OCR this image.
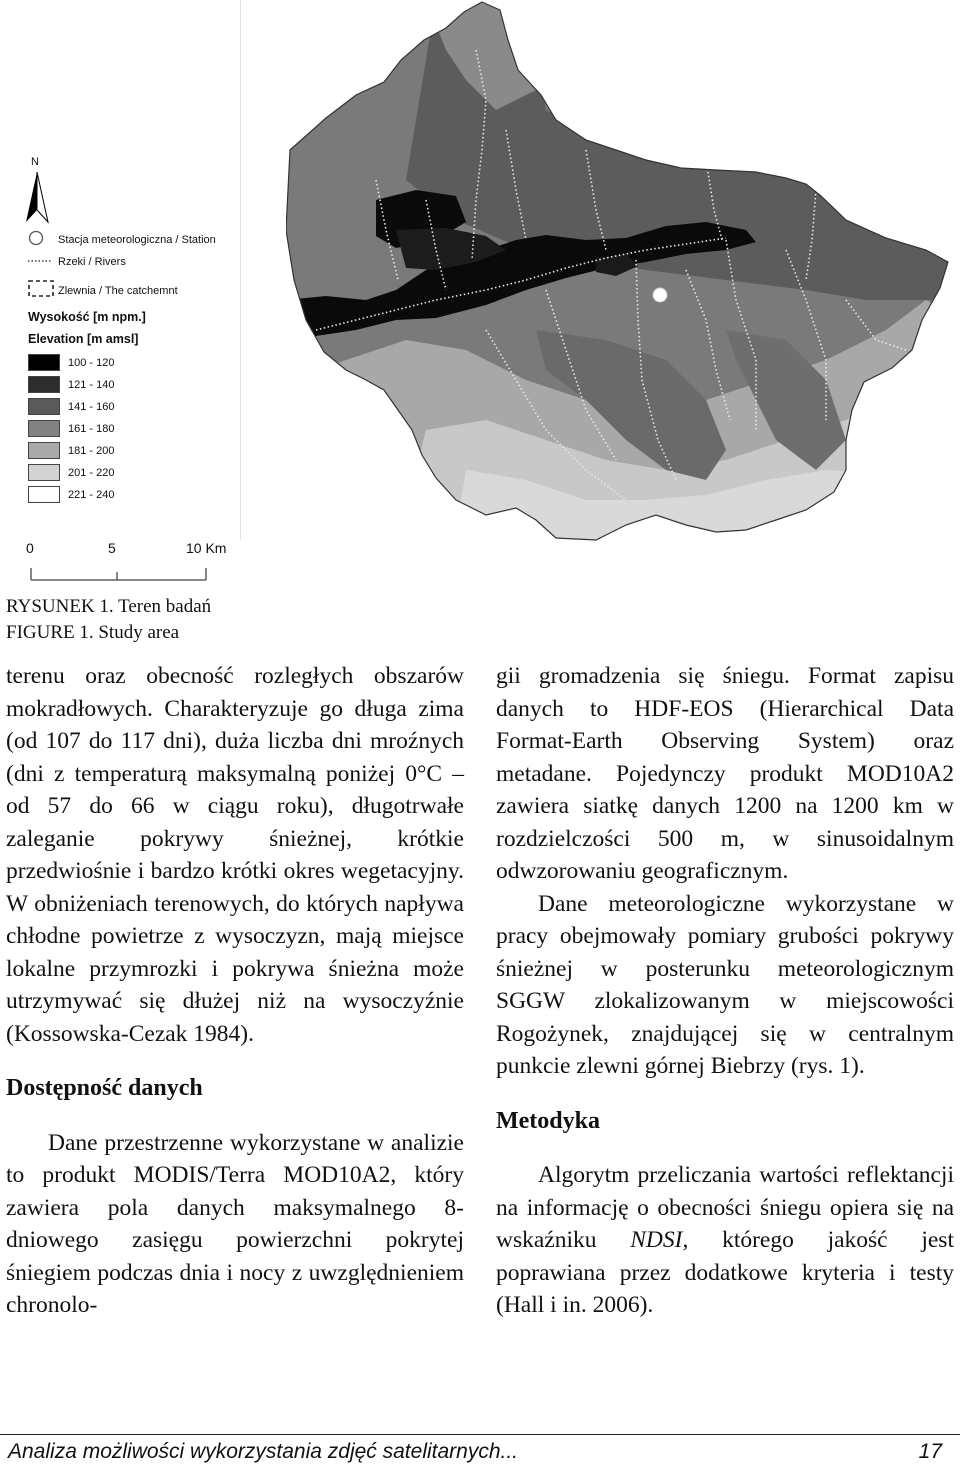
N
Stacja meteorologiczna / Station
Rzeki / Rivers
Zlewnia / The catchemnt
Wysokość [m npm.]
Elevation [m amsl]
100 - 120
121 - 140
141 - 160
161 - 180
181 - 200
201 - 220
221 - 240
0	5	10 Km
RYSUNEK 1. Teren badań
FIGURE 1. Study area

terenu oraz obecność rozległych obszarów mokradłowych. Charakteryzuje go długa zima (od 107 do 117 dni), duża liczba dni mroźnych (dni z temperaturą maksymalną poniżej 0°C – od 57 do 66 w ciągu roku), długotrwałe zaleganie pokrywy śnieżnej, krótkie przedwiośnie i bardzo krótki okres wegetacyjny. W obniżeniach terenowych, do których napływa chłodne powietrze z wysoczyzn, mają miejsce lokalne przymrozki i pokrywa śnieżna może utrzymywać się dłużej niż na wysoczyźnie (Kossowska-Cezak 1984).

Dostępność danych

Dane przestrzenne wykorzystane w analizie to produkt MODIS/Terra MOD10A2, który zawiera pola danych maksymalnego 8-dniowego zasięgu powierzchni pokrytej śniegiem podczas dnia i nocy z uwzględnieniem chronolo-

gii gromadzenia się śniegu. Format zapisu danych to HDF-EOS (Hierarchical Data Format-Earth Observing System) oraz metadane. Pojedynczy produkt MOD10A2 zawiera siatkę danych 1200 na 1200 km w rozdzielczości 500 m, w sinusoidalnym odwzorowaniu geograficznym.

Dane meteorologiczne wykorzystane w pracy obejmowały pomiary grubości pokrywy śnieżnej w posterunku meteorologicznym SGGW zlokalizowanym w miejscowości Rogożynek, znajdującej się w centralnym punkcie zlewni górnej Biebrzy (rys. 1).

Metodyka

Algorytm przeliczania wartości reflektancji na informację o obecności śniegu opiera się na wskaźniku NDSI, którego jakość jest poprawiana przez dodatkowe kryteria i testy (Hall i in. 2006).

Analiza możliwości wykorzystania zdjęć satelitarnych...	17
